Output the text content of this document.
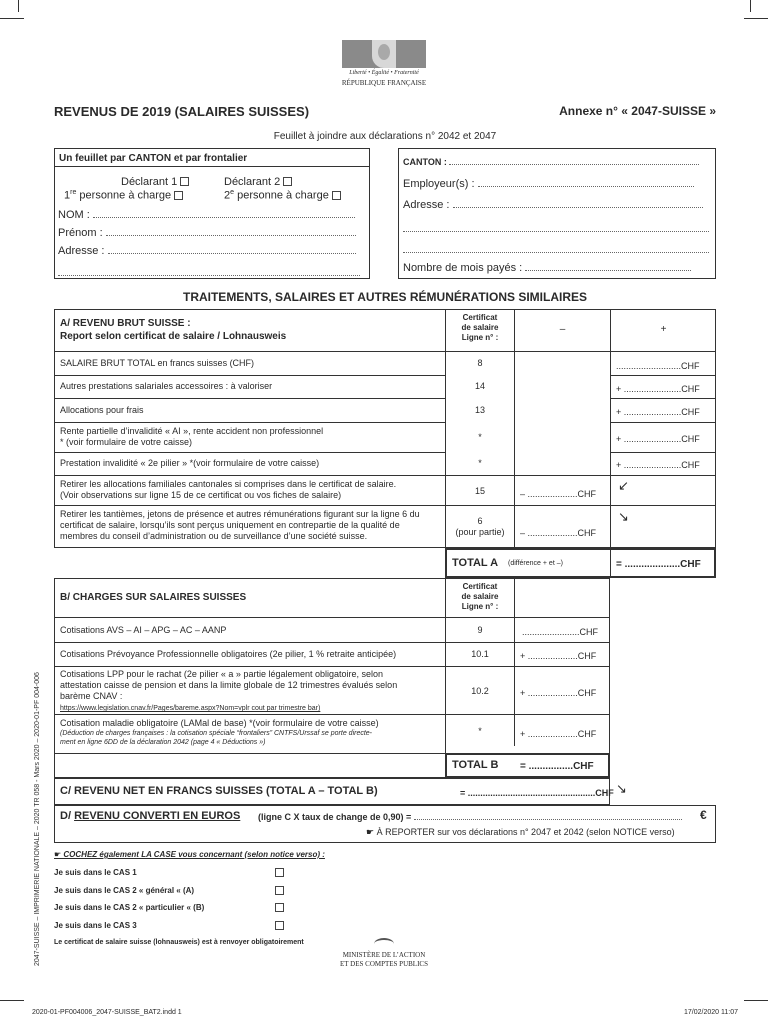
Liberté • Égalité • Fraternité
RÉPUBLIQUE FRANÇAISE
REVENUS DE 2019 (SALAIRES SUISSES)	Annexe n° « 2047-SUISSE »
Feuillet à joindre aux déclarations n° 2042 et 2047
Un feuillet par CANTON et par frontalier
Déclarant 1	Déclarant 2
1re personne à charge	2e personne à charge
NOM :
Prénom :
Adresse :
CANTON :
Employeur(s) :
Adresse :
Nombre de mois payés :
TRAITEMENTS, SALAIRES ET AUTRES RÉMUNÉRATIONS SIMILAIRES
A/ REVENU BRUT SUISSE :
Report selon certificat de salaire / Lohnausweis
Certificat
de salaire
Ligne n° :
–	+
SALAIRE BRUT TOTAL en francs suisses (CHF)	8	..........................CHF
Autres prestations salariales accessoires : à valoriser	14	+ .......................CHF
Allocations pour frais	13	+ .......................CHF
Rente partielle d’invalidité « AI », rente accident non professionnel
* (voir formulaire de votre caisse)	*	+ .......................CHF
Prestation invalidité « 2e pilier » *(voir formulaire de votre caisse)	*	+ .......................CHF
Retirer les allocations familiales cantonales si comprises dans le certificat de salaire.
(Voir observations sur ligne 15 de ce certificat ou vos fiches de salaire)	15	– ....................CHF
↙
Retirer les tantièmes, jetons de présence et autres rémunérations figurant sur la ligne 6 du
certificat de salaire, lorsqu’ils sont perçus uniquement en contrepartie de la qualité de
membres du conseil d’administration ou de surveillance d’une société suisse.
6
(pour partie)	– ....................CHF
↘
TOTAL A (différence + et –)	= ....................CHF
B/ CHARGES SUR SALAIRES SUISSES
Certificat
de salaire
Ligne n° :
Cotisations AVS – AI – APG – AC – AANP	9	.......................CHF
Cotisations Prévoyance Professionnelle obligatoires (2e pilier, 1 % retraite anticipée)	10.1	+ ....................CHF
Cotisations LPP pour le rachat (2e pilier « a » partie légalement obligatoire, selon
attestation caisse de pension et dans la limite globale de 12 trimestres évalués selon
barème CNAV :
https://www.legislation.cnav.fr/Pages/bareme.aspx?Nom=vplr cout par trimestre bar)
10.2	+ ....................CHF
Cotisation maladie obligatoire (LAMal de base) *(voir formulaire de votre caisse)
(Déduction de charges françaises : la cotisation spéciale “frontaliers” CNTFS/Urssaf se porte directe-
ment en ligne 6DD de la déclaration 2042 (page 4 « Déductions »)
*	+ ....................CHF
TOTAL B = ................CHF
C/ REVENU NET EN FRANCS SUISSES (TOTAL A – TOTAL B)	= ...................................................CHF ↘
D/ REVENU CONVERTI EN EUROS (ligne C X taux de change de 0,90) =	€
☛ À REPORTER sur vos déclarations n° 2047 et 2042 (selon NOTICE verso)
☛ COCHEZ également LA CASE vous concernant (selon notice verso) :
Je suis dans le CAS 1
Je suis dans le CAS 2 « général « (A)
Je suis dans le CAS 2 « particulier « (B)
Je suis dans le CAS 3
Le certificat de salaire suisse (lohnausweis) est à renvoyer obligatoirement
MINISTÈRE DE L’ACTION
ET DES COMPTES PUBLICS
2047-SUISSE – IMPRIMERIE NATIONALE – 2020 TR 058 - Mars 2020 – 2020-01-PF 004-006
2020-01-PF004006_2047-SUISSE_BAT2.indd 1	17/02/2020 11:07
